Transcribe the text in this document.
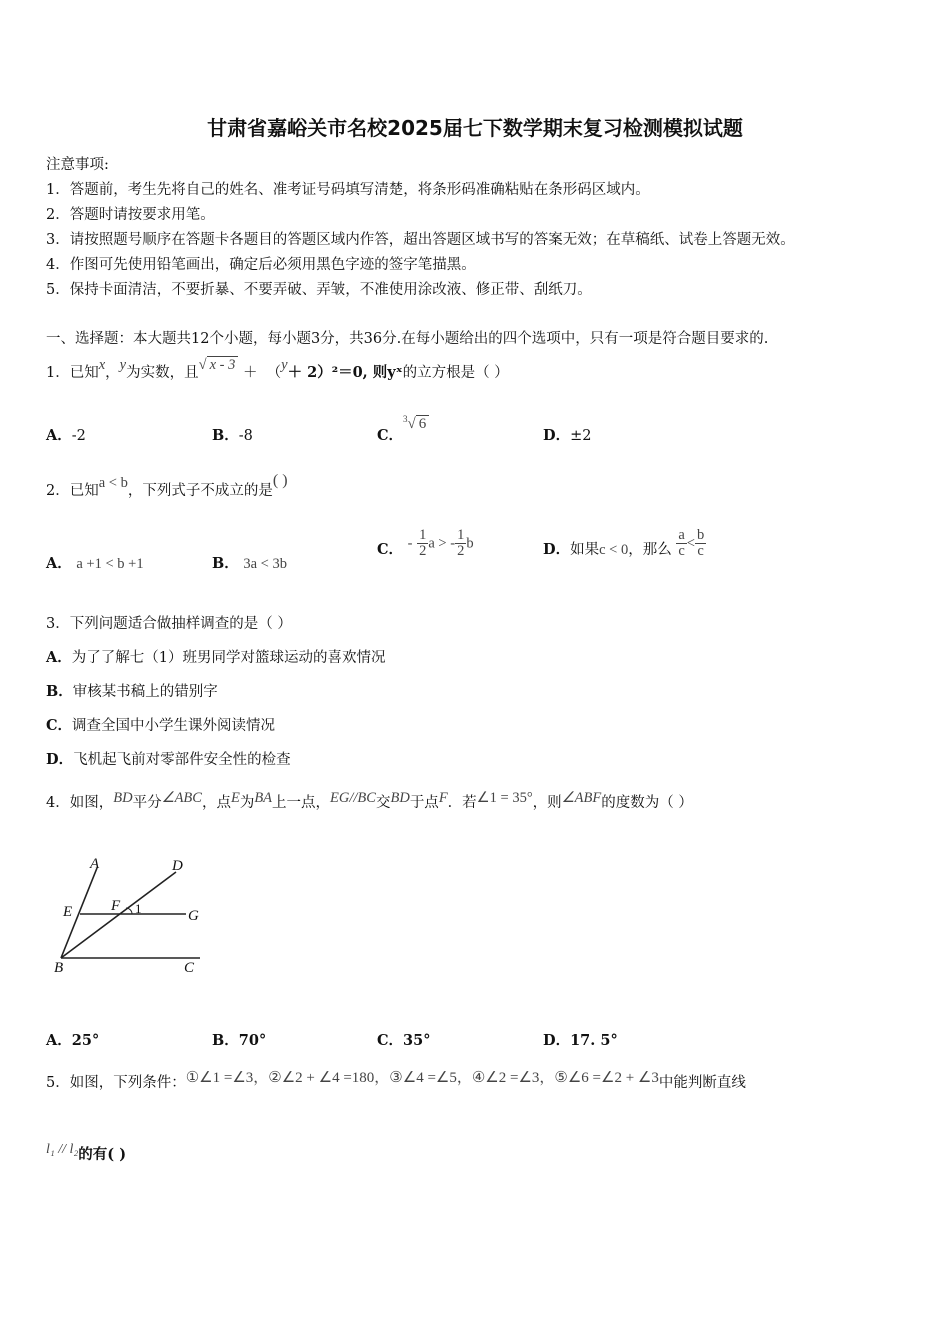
甘肃省嘉峪关市名校2025届七下数学期末复习检测模拟试题
注意事项:
1．答题前，考生先将自己的姓名、准考证号码填写清楚，将条形码准确粘贴在条形码区域内。
2．答题时请按要求用笔。
3．请按照题号顺序在答题卡各题目的答题区域内作答，超出答题区域书写的答案无效；在草稿纸、试卷上答题无效。
4．作图可先使用铅笔画出，确定后必须用黑色字迹的签字笔描黑。
5．保持卡面清洁，不要折暴、不要弄破、弄皱，不准使用涂改液、修正带、刮纸刀。
一、选择题：本大题共12个小题，每小题3分，共36分.在每小题给出的四个选项中，只有一项是符合题目要求的.
1．已知x，y为实数，且√ x - 3 ＋ （y＋ 2）²＝0, 则yˣ的立方根是（ ）
A．-2	B．-8	C．$^3$√ 6
D．±2
2．已知a < b，下列式子不成立的是( )
A． a +1 < b +1	B． 3a < 3b
C． - $\frac{1}{2}$ a > - $\frac{1}{2}$ b	D．如果c < 0，那么 $\frac{a}{c} < \frac{b}{c}$
3．下列问题适合做抽样调查的是（ ）
A．为了了解七（1）班男同学对篮球运动的喜欢情况
B．审核某书稿上的错别字
C．调查全国中小学生课外阅读情况
D．飞机起飞前对零部件安全性的检查
4．如图，BD平分∠ABC，点E为BA上一点，EG//BC交BD于点F．若∠1 = 35°，则∠ABF的度数为（ ）
A	D
E	F 1	G
B	C
A．25°	B．70°	C．35°	D．17. 5°
5．如图，下列条件：①∠1 =∠3，②∠2 + ∠4 =180，③∠4 =∠5，④∠2 =∠3，⑤∠6 =∠2 + ∠3中能判断直线
l₁ // l₂的有( )
